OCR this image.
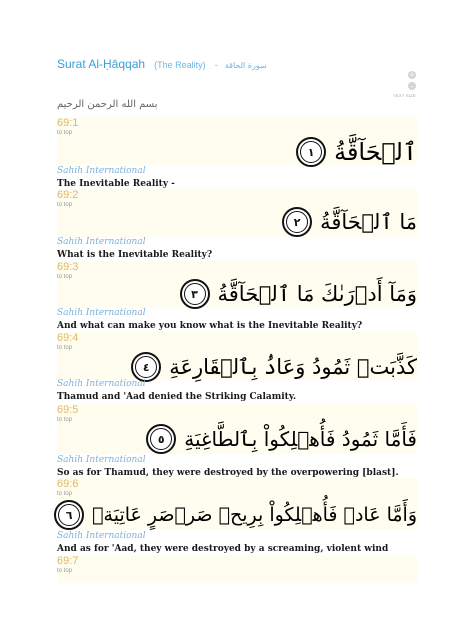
Surat Al-Ḥāqqah (The Reality) - سورة الحاقة
+
–
TEXT SIZE
بسم الله الرحمن الرحيم
69:1
to top
ٱلۡحَآقَّةُ
١
Sahih International
The Inevitable Reality -
69:2
to top
مَا ٱلۡحَآقَّةُ
٢
Sahih International
What is the Inevitable Reality?
69:3
to top
وَمَآ أَدۡرَىٰكَ مَا ٱلۡحَآقَّةُ
٣
Sahih International
And what can make you know what is the Inevitable Reality?
69:4
to top
كَذَّبَتۡ ثَمُودُ وَعَادُۢ بِٱلۡقَارِعَةِ
٤
Sahih International
Thamud and 'Aad denied the Striking Calamity.
69:5
to top
فَأَمَّا ثَمُودُ فَأُهۡلِكُواْ بِٱلطَّاغِيَةِ
٥
Sahih International
So as for Thamud, they were destroyed by the overpowering [blast].
69:6
to top
وَأَمَّا عَادٞ فَأُهۡلِكُواْ بِرِيحٖ صَرۡصَرٍ عَاتِيَةٖ
٦
Sahih International
And as for 'Aad, they were destroyed by a screaming, violent wind
69:7
to top
